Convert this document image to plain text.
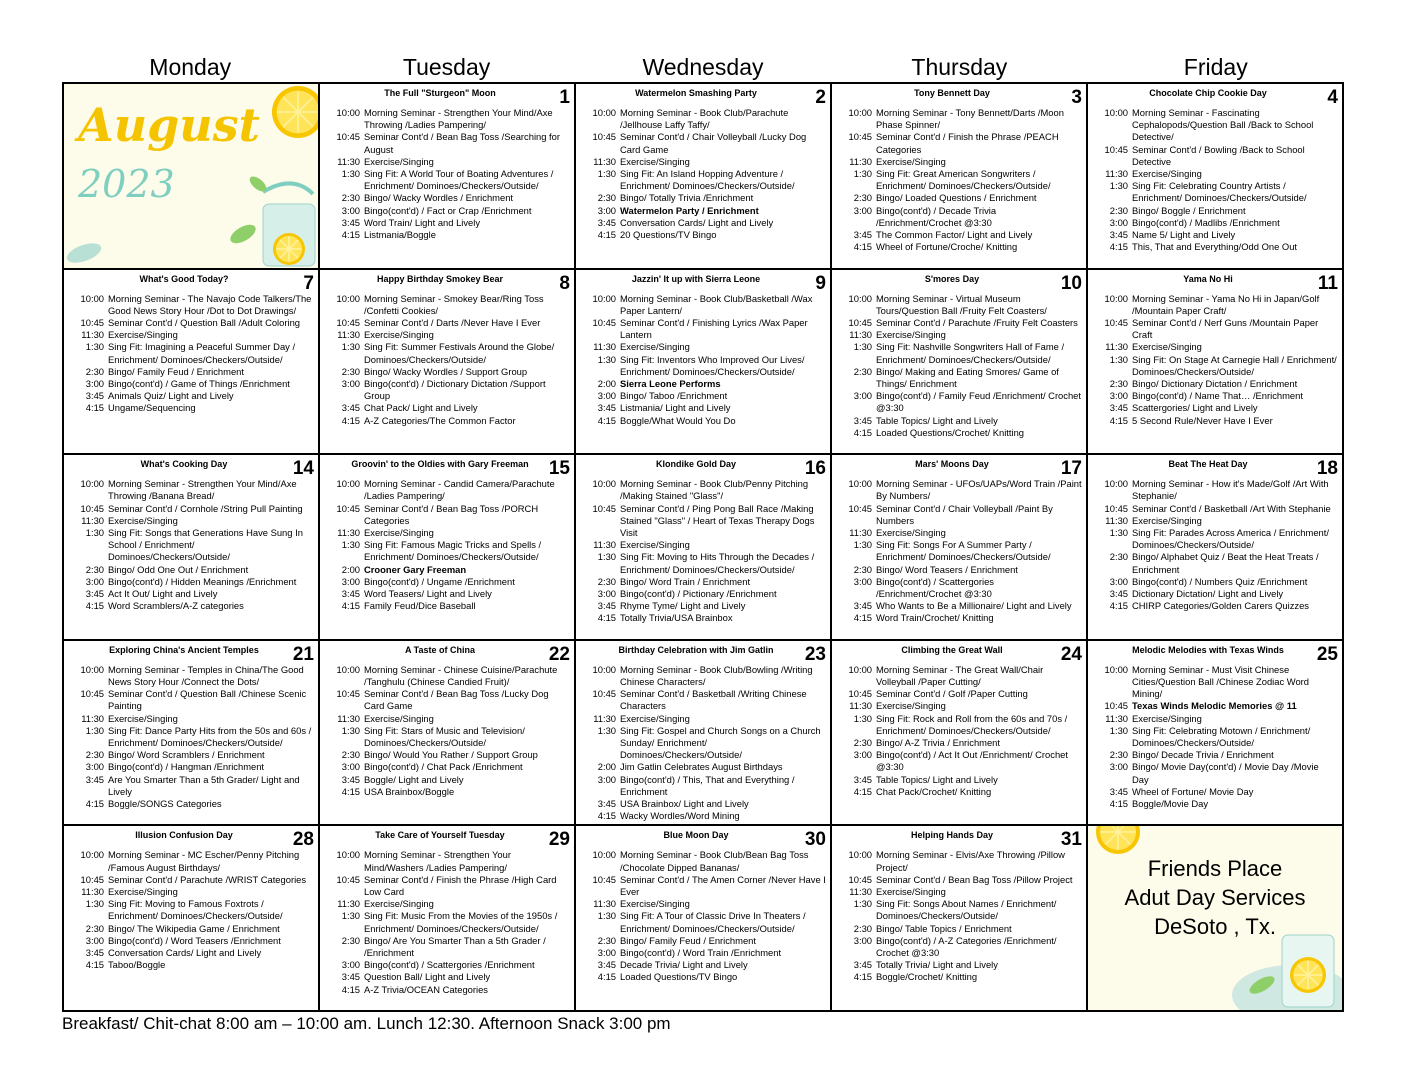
Monday	Tuesday	Wednesday	Thursday	Friday
August
2023
The Full "Sturgeon" Moon	1
10:00 Morning Seminar - Strengthen Your Mind/Axe Throwing /Ladies Pampering/
10:45 Seminar Cont'd / Bean Bag Toss /Searching for August
11:30 Exercise/Singing
1:30 Sing Fit: A World Tour of Boating Adventures / Enrichment/ Dominoes/Checkers/Outside/
2:30 Bingo/ Wacky Wordles / Enrichment
3:00 Bingo(cont'd) / Fact or Crap /Enrichment
3:45 Word Train/ Light and Lively
4:15 Listmania/Boggle
Watermelon Smashing Party	2
10:00 Morning Seminar - Book Club/Parachute /Jellhouse Laffy Taffy/
10:45 Seminar Cont'd / Chair Volleyball /Lucky Dog Card Game
11:30 Exercise/Singing
1:30 Sing Fit: An Island Hopping Adventure / Enrichment/ Dominoes/Checkers/Outside/
2:30 Bingo/ Totally Trivia /Enrichment
3:00 Watermelon Party / Enrichment
3:45 Conversation Cards/ Light and Lively
4:15 20 Questions/TV Bingo
Tony Bennett Day	3
10:00 Morning Seminar - Tony Bennett/Darts /Moon Phase Spinner/
10:45 Seminar Cont'd / Finish the Phrase /PEACH Categories
11:30 Exercise/Singing
1:30 Sing Fit: Great American Songwriters / Enrichment/ Dominoes/Checkers/Outside/
2:30 Bingo/ Loaded Questions / Enrichment
3:00 Bingo(cont'd) / Decade Trivia /Enrichment/Crochet @3:30
3:45 The Common Factor/ Light and Lively
4:15 Wheel of Fortune/Croche/ Knitting
Chocolate Chip Cookie Day	4
10:00 Morning Seminar - Fascinating Cephalopods/Question Ball /Back to School Detective/
10:45 Seminar Cont'd / Bowling /Back to School Detective
11:30 Exercise/Singing
1:30 Sing Fit: Celebrating Country Artists / Enrichment/ Dominoes/Checkers/Outside/
2:30 Bingo/ Boggle / Enrichment
3:00 Bingo(cont'd) / Madlibs /Enrichment
3:45 Name 5/ Light and Lively
4:15 This, That and Everything/Odd One Out
What's Good Today?	7
10:00 Morning Seminar - The Navajo Code Talkers/The Good News Story Hour /Dot to Dot Drawings/
10:45 Seminar Cont'd / Question Ball /Adult Coloring
11:30 Exercise/Singing
1:30 Sing Fit: Imagining a Peaceful Summer Day / Enrichment/ Dominoes/Checkers/Outside/
2:30 Bingo/ Family Feud / Enrichment
3:00 Bingo(cont'd) / Game of Things /Enrichment
3:45 Animals Quiz/ Light and Lively
4:15 Ungame/Sequencing
Happy Birthday Smokey Bear	8
10:00 Morning Seminar - Smokey Bear/Ring Toss /Confetti Cookies/
10:45 Seminar Cont'd / Darts /Never Have I Ever
11:30 Exercise/Singing
1:30 Sing Fit: Summer Festivals Around the Globe/ Dominoes/Checkers/Outside/
2:30 Bingo/ Wacky Wordles / Support Group
3:00 Bingo(cont'd) / Dictionary Dictation /Support Group
3:45 Chat Pack/ Light and Lively
4:15 A-Z Categories/The Common Factor
Jazzin' It up with Sierra Leone	9
10:00 Morning Seminar - Book Club/Basketball /Wax Paper Lantern/
10:45 Seminar Cont'd / Finishing Lyrics /Wax Paper Lantern
11:30 Exercise/Singing
1:30 Sing Fit: Inventors Who Improved Our Lives/ Enrichment/ Dominoes/Checkers/Outside/
2:00 Sierra Leone Performs
3:00 Bingo/ Taboo /Enrichment
3:45 Listmania/ Light and Lively
4:15 Boggle/What Would You Do
S'mores Day	10
10:00 Morning Seminar - Virtual Museum Tours/Question Ball /Fruity Felt Coasters/
10:45 Seminar Cont'd / Parachute /Fruity Felt Coasters
11:30 Exercise/Singing
1:30 Sing Fit: Nashville Songwriters Hall of Fame / Enrichment/ Dominoes/Checkers/Outside/
2:30 Bingo/ Making and Eating Smores/ Game of Things/ Enrichment
3:00 Bingo(cont'd) / Family Feud /Enrichment/ Crochet @3:30
3:45 Table Topics/ Light and Lively
4:15 Loaded Questions/Crochet/ Knitting
Yama No Hi	11
10:00 Morning Seminar - Yama No Hi in Japan/Golf /Mountain Paper Craft/
10:45 Seminar Cont'd / Nerf Guns /Mountain Paper Craft
11:30 Exercise/Singing
1:30 Sing Fit: On Stage At Carnegie Hall / Enrichment/ Dominoes/Checkers/Outside/
2:30 Bingo/ Dictionary Dictation / Enrichment
3:00 Bingo(cont'd) / Name That… /Enrichment
3:45 Scattergories/ Light and Lively
4:15 5 Second Rule/Never Have I Ever
What's Cooking Day	14
10:00 Morning Seminar - Strengthen Your Mind/Axe Throwing /Banana Bread/
10:45 Seminar Cont'd / Cornhole /String Pull Painting
11:30 Exercise/Singing
1:30 Sing Fit: Songs that Generations Have Sung In School / Enrichment/ Dominoes/Checkers/Outside/
2:30 Bingo/ Odd One Out / Enrichment
3:00 Bingo(cont'd) / Hidden Meanings /Enrichment
3:45 Act It Out/ Light and Lively
4:15 Word Scramblers/A-Z categories
Groovin' to the Oldies with Gary Freeman	15
10:00 Morning Seminar - Candid Camera/Parachute /Ladies Pampering/
10:45 Seminar Cont'd / Bean Bag Toss /PORCH Categories
11:30 Exercise/Singing
1:30 Sing Fit: Famous Magic Tricks and Spells / Enrichment/ Dominoes/Checkers/Outside/
2:00 Crooner Gary Freeman
3:00 Bingo(cont'd) / Ungame /Enrichment
3:45 Word Teasers/ Light and Lively
4:15 Family Feud/Dice Baseball
Klondike Gold Day	16
10:00 Morning Seminar - Book Club/Penny Pitching /Making Stained "Glass"/
10:45 Seminar Cont'd / Ping Pong Ball Race /Making Stained "Glass" / Heart of Texas Therapy Dogs Visit
11:30 Exercise/Singing
1:30 Sing Fit: Moving to Hits Through the Decades / Enrichment/ Dominoes/Checkers/Outside/
2:30 Bingo/ Word Train / Enrichment
3:00 Bingo(cont'd) / Pictionary /Enrichment
3:45 Rhyme Tyme/ Light and Lively
4:15 Totally Trivia/USA Brainbox
Mars' Moons Day	17
10:00 Morning Seminar - UFOs/UAPs/Word Train /Paint By Numbers/
10:45 Seminar Cont'd / Chair Volleyball /Paint By Numbers
11:30 Exercise/Singing
1:30 Sing Fit: Songs For A Summer Party / Enrichment/ Dominoes/Checkers/Outside/
2:30 Bingo/ Word Teasers / Enrichment
3:00 Bingo(cont'd) / Scattergories /Enrichment/Crochet @3:30
3:45 Who Wants to Be a Millionaire/ Light and Lively
4:15 Word Train/Crochet/ Knitting
Beat The Heat Day	18
10:00 Morning Seminar - How it's Made/Golf /Art With Stephanie/
10:45 Seminar Cont'd / Basketball /Art With Stephanie
11:30 Exercise/Singing
1:30 Sing Fit: Parades Across America / Enrichment/ Dominoes/Checkers/Outside/
2:30 Bingo/ Alphabet Quiz / Beat the Heat Treats / Enrichment
3:00 Bingo(cont'd) / Numbers Quiz /Enrichment
3:45 Dictionary Dictation/ Light and Lively
4:15 CHIRP Categories/Golden Carers Quizzes
Exploring China's Ancient Temples	21
10:00 Morning Seminar - Temples in China/The Good News Story Hour /Connect the Dots/
10:45 Seminar Cont'd / Question Ball /Chinese Scenic Painting
11:30 Exercise/Singing
1:30 Sing Fit: Dance Party Hits from the 50s and 60s / Enrichment/ Dominoes/Checkers/Outside/
2:30 Bingo/ Word Scramblers / Enrichment
3:00 Bingo(cont'd) / Hangman /Enrichment
3:45 Are You Smarter Than a 5th Grader/ Light and Lively
4:15 Boggle/SONGS Categories
A Taste of China	22
10:00 Morning Seminar - Chinese Cuisine/Parachute /Tanghulu (Chinese Candied Fruit)/
10:45 Seminar Cont'd / Bean Bag Toss /Lucky Dog Card Game
11:30 Exercise/Singing
1:30 Sing Fit: Stars of Music and Television/ Dominoes/Checkers/Outside/
2:30 Bingo/ Would You Rather / Support Group
3:00 Bingo(cont'd) / Chat Pack /Enrichment
3:45 Boggle/ Light and Lively
4:15 USA Brainbox/Boggle
Birthday Celebration with Jim Gatlin	23
10:00 Morning Seminar - Book Club/Bowling /Writing Chinese Characters/
10:45 Seminar Cont'd / Basketball /Writing Chinese Characters
11:30 Exercise/Singing
1:30 Sing Fit: Gospel and Church Songs on a Church Sunday/ Enrichment/ Dominoes/Checkers/Outside/
2:00 Jim Gatlin Celebrates August Birthdays
3:00 Bingo(cont'd) / This, That and Everything / Enrichment
3:45 USA Brainbox/ Light and Lively
4:15 Wacky Wordles/Word Mining
Climbing the Great Wall	24
10:00 Morning Seminar - The Great Wall/Chair Volleyball /Paper Cutting/
10:45 Seminar Cont'd / Golf /Paper Cutting
11:30 Exercise/Singing
1:30 Sing Fit: Rock and Roll from the 60s and 70s / Enrichment/ Dominoes/Checkers/Outside/
2:30 Bingo/ A-Z Trivia / Enrichment
3:00 Bingo(cont'd) / Act It Out /Enrichment/ Crochet @3:30
3:45 Table Topics/ Light and Lively
4:15 Chat Pack/Crochet/ Knitting
Melodic Melodies with Texas Winds	25
10:00 Morning Seminar - Must Visit Chinese Cities/Question Ball /Chinese Zodiac Word Mining/
10:45 Texas Winds Melodic Memories @ 11
11:30 Exercise/Singing
1:30 Sing Fit: Celebrating Motown / Enrichment/ Dominoes/Checkers/Outside/
2:30 Bingo/ Decade Trivia / Enrichment
3:00 Bingo/ Movie Day(cont'd) / Movie Day /Movie Day
3:45 Wheel of Fortune/ Movie Day
4:15 Boggle/Movie Day
Illusion Confusion Day	28
10:00 Morning Seminar - MC Escher/Penny Pitching /Famous August Birthdays/
10:45 Seminar Cont'd / Parachute /WRIST Categories
11:30 Exercise/Singing
1:30 Sing Fit: Moving to Famous Foxtrots / Enrichment/ Dominoes/Checkers/Outside/
2:30 Bingo/ The Wikipedia Game / Enrichment
3:00 Bingo(cont'd) / Word Teasers /Enrichment
3:45 Conversation Cards/ Light and Lively
4:15 Taboo/Boggle
Take Care of Yourself Tuesday	29
10:00 Morning Seminar - Strengthen Your Mind/Washers /Ladies Pampering/
10:45 Seminar Cont'd / Finish the Phrase /High Card Low Card
11:30 Exercise/Singing
1:30 Sing Fit: Music From the Movies of the 1950s / Enrichment/ Dominoes/Checkers/Outside/
2:30 Bingo/ Are You Smarter Than a 5th Grader / /Enrichment
3:00 Bingo(cont'd) / Scattergories /Enrichment
3:45 Question Ball/ Light and Lively
4:15 A-Z Trivia/OCEAN Categories
Blue Moon Day	30
10:00 Morning Seminar - Book Club/Bean Bag Toss /Chocolate Dipped Bananas/
10:45 Seminar Cont'd / The Amen Corner /Never Have I Ever
11:30 Exercise/Singing
1:30 Sing Fit: A Tour of Classic Drive In Theaters / Enrichment/ Dominoes/Checkers/Outside/
2:30 Bingo/ Family Feud / Enrichment
3:00 Bingo(cont'd) / Word Train /Enrichment
3:45 Decade Trivia/ Light and Lively
4:15 Loaded Questions/TV Bingo
Helping Hands Day	31
10:00 Morning Seminar - Elvis/Axe Throwing /Pillow Project/
10:45 Seminar Cont'd / Bean Bag Toss /Pillow Project
11:30 Exercise/Singing
1:30 Sing Fit: Songs About Names / Enrichment/ Dominoes/Checkers/Outside/
2:30 Bingo/ Table Topics / Enrichment
3:00 Bingo(cont'd) / A-Z Categories /Enrichment/ Crochet @3:30
3:45 Totally Trivia/ Light and Lively
4:15 Boggle/Crochet/ Knitting
Friends Place
Adut Day Services
DeSoto , Tx.
Breakfast/ Chit-chat 8:00 am – 10:00 am. Lunch 12:30. Afternoon Snack 3:00 pm
